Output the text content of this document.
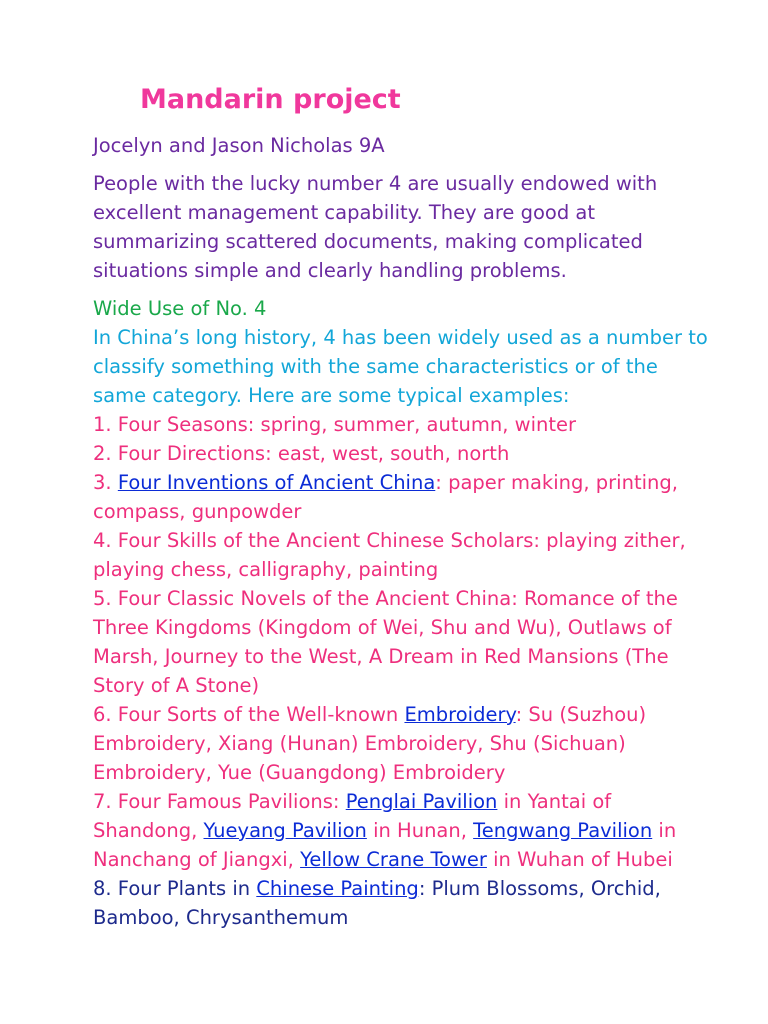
Mandarin project
Jocelyn and Jason Nicholas 9A
People with the lucky number 4 are usually endowed with
excellent management capability. They are good at
summarizing scattered documents, making complicated
situations simple and clearly handling problems.
Wide Use of No. 4
In China’s long history, 4 has been widely used as a number to
classify something with the same characteristics or of the
same category. Here are some typical examples:
1. Four Seasons: spring, summer, autumn, winter
2. Four Directions: east, west, south, north
3. Four Inventions of Ancient China: paper making, printing,
compass, gunpowder
4. Four Skills of the Ancient Chinese Scholars: playing zither,
playing chess, calligraphy, painting
5. Four Classic Novels of the Ancient China: Romance of the
Three Kingdoms (Kingdom of Wei, Shu and Wu), Outlaws of
Marsh, Journey to the West, A Dream in Red Mansions (The
Story of A Stone)
6. Four Sorts of the Well-known Embroidery: Su (Suzhou)
Embroidery, Xiang (Hunan) Embroidery, Shu (Sichuan)
Embroidery, Yue (Guangdong) Embroidery
7. Four Famous Pavilions: Penglai Pavilion in Yantai of
Shandong, Yueyang Pavilion in Hunan, Tengwang Pavilion in
Nanchang of Jiangxi, Yellow Crane Tower in Wuhan of Hubei
8. Four Plants in Chinese Painting: Plum Blossoms, Orchid,
Bamboo, Chrysanthemum
